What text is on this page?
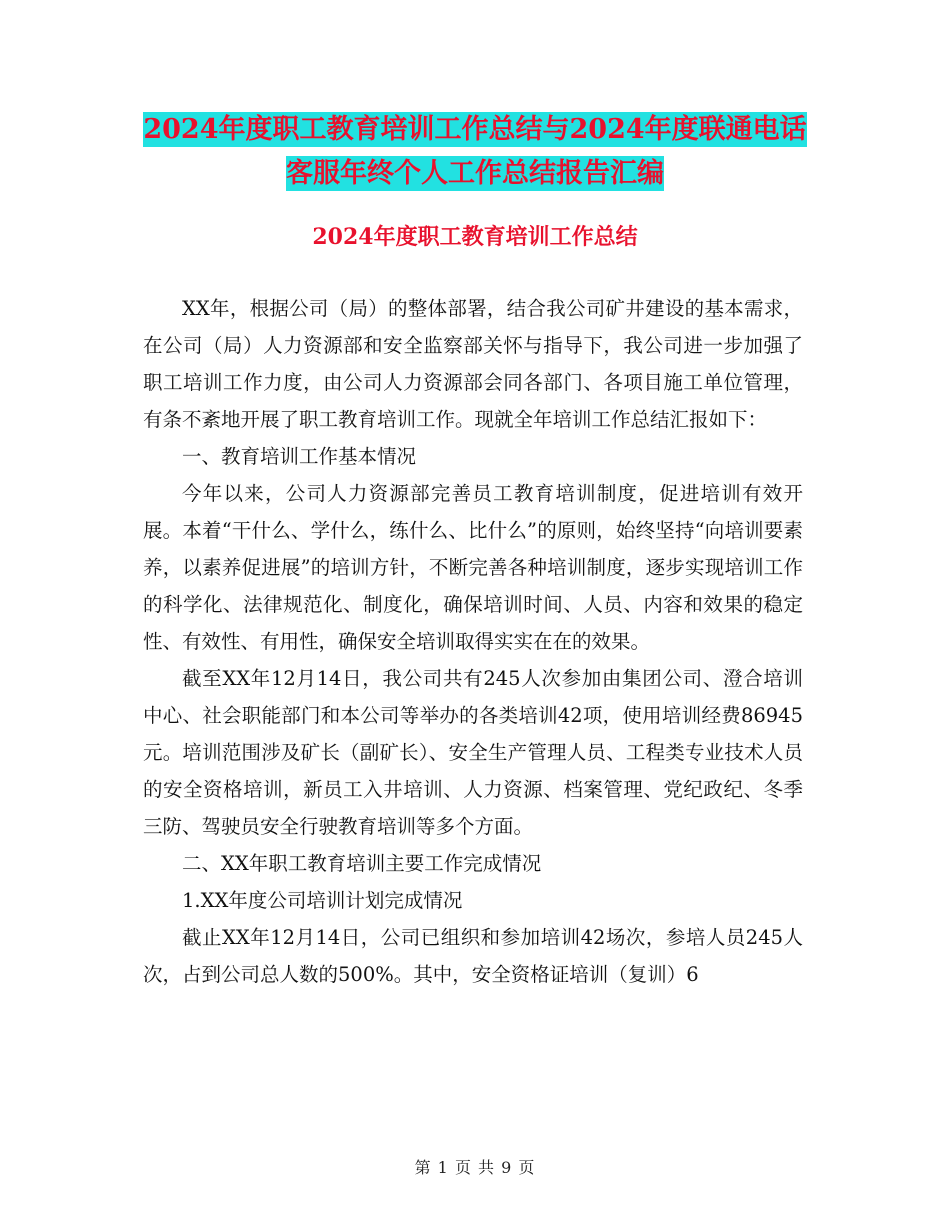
2024年度职工教育培训工作总结与2024年度联通电话
客服年终个人工作总结报告汇编
2024年度职工教育培训工作总结

XX年，根据公司（局）的整体部署，结合我公司矿井建设的基本需求，在公司（局）人力资源部和安全监察部关怀与指导下，我公司进一步加强了职工培训工作力度，由公司人力资源部会同各部门、各项目施工单位管理，有条不紊地开展了职工教育培训工作。现就全年培训工作总结汇报如下：

一、教育培训工作基本情况

今年以来，公司人力资源部完善员工教育培训制度，促进培训有效开展。本着“干什么、学什么，练什么、比什么”的原则，始终坚持“向培训要素养，以素养促进展”的培训方针，不断完善各种培训制度，逐步实现培训工作的科学化、法律规范化、制度化，确保培训时间、人员、内容和效果的稳定性、有效性、有用性，确保安全培训取得实实在在的效果。

截至XX年12月14日，我公司共有245人次参加由集团公司、澄合培训中心、社会职能部门和本公司等举办的各类培训42项，使用培训经费86945元。培训范围涉及矿长（副矿长）、安全生产管理人员、工程类专业技术人员的安全资格培训，新员工入井培训、人力资源、档案管理、党纪政纪、冬季三防、驾驶员安全行驶教育培训等多个方面。

二、XX年职工教育培训主要工作完成情况

1.XX年度公司培训计划完成情况

截止XX年12月14日，公司已组织和参加培训42场次，参培人员245人次，占到公司总人数的500%。其中，安全资格证培训（复训）6

第 1 页 共 9 页
